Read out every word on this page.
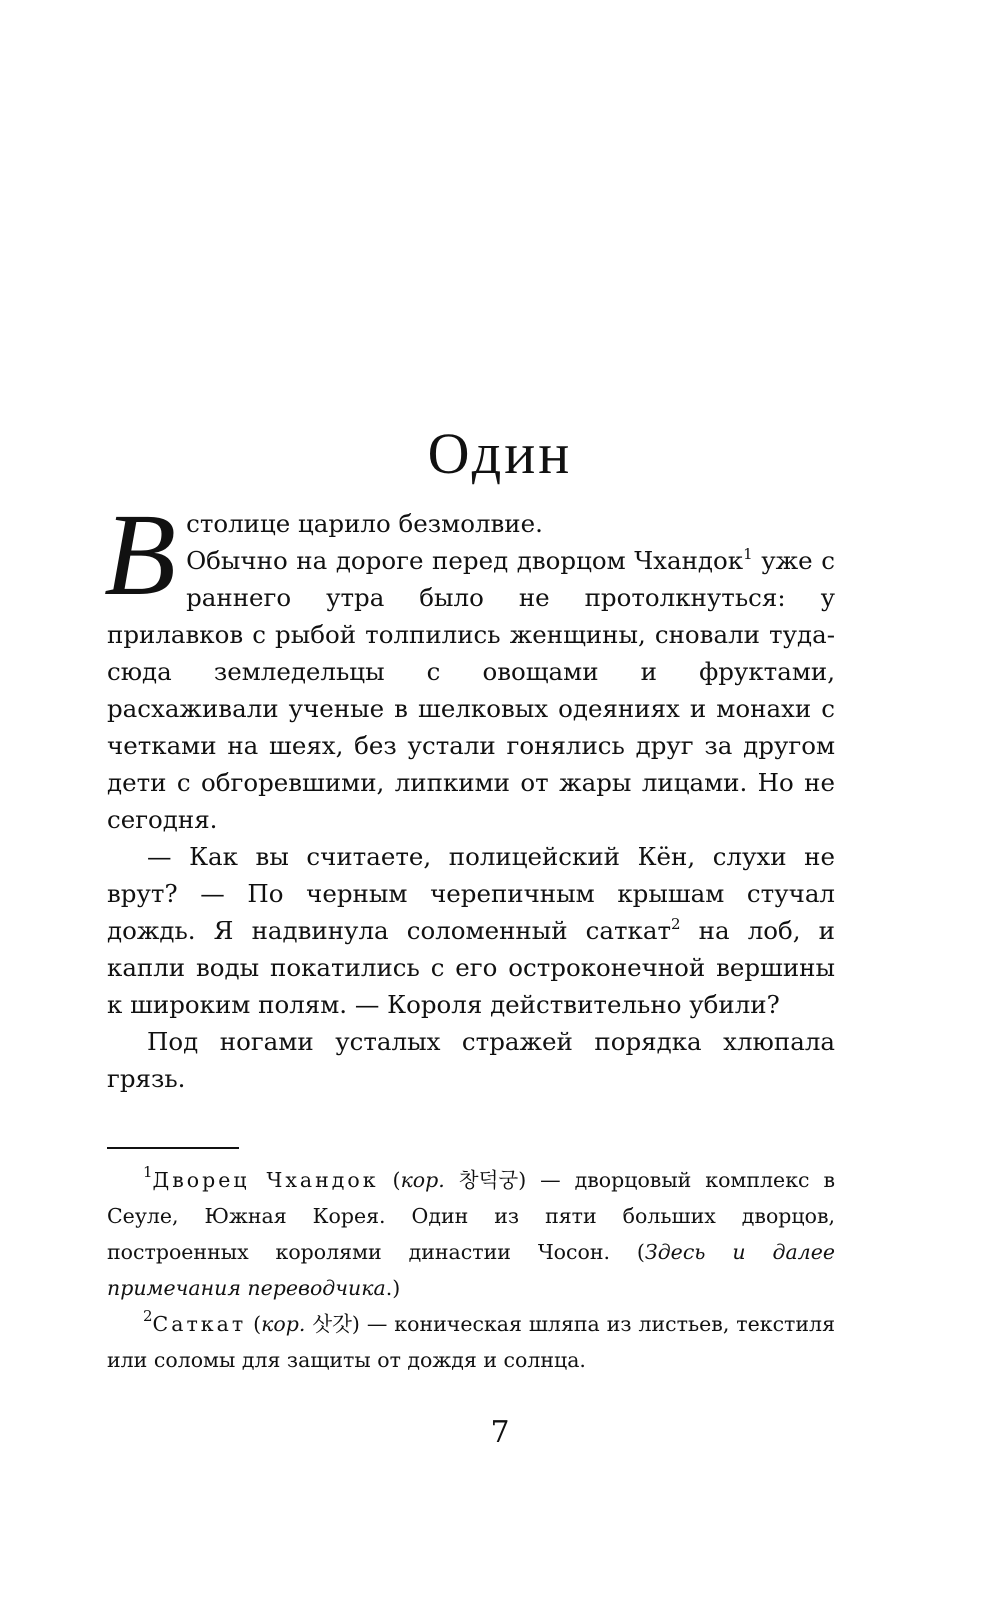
Один

Встолице царило безмолвие.

Обычно на дороге перед дворцом Чхандок$^1$ уже с раннего утра было не протолкнуться: у прилавков с рыбой толпились женщины, сновали туда-сюда земледельцы с овощами и фруктами, расхаживали ученые в шелковых одеяниях и монахи с четками на шеях, без устали гонялись друг за другом дети с обгоревшими, липкими от жары лицами. Но не сегодня.

— Как вы считаете, полицейский Кён, слухи не врут? — По черным черепичным крышам стучал дождь. Я надвинула соломенный саткат$^2$ на лоб, и капли воды покатились с его остроконечной вершины к широким полям. — Короля действительно убили?

Под ногами усталых стражей порядка хлюпала грязь.

$^1$Дворец Чхандок (кор. 창덕궁) — дворцовый комплекс в Сеуле, Южная Корея. Один из пяти больших дворцов, построенных королями династии Чосон. (Здесь и далее примечания переводчика.)

$^2$Саткат (кор. 삿갓) — коническая шляпа из листьев, текстиля или соломы для защиты от дождя и солнца.

7
